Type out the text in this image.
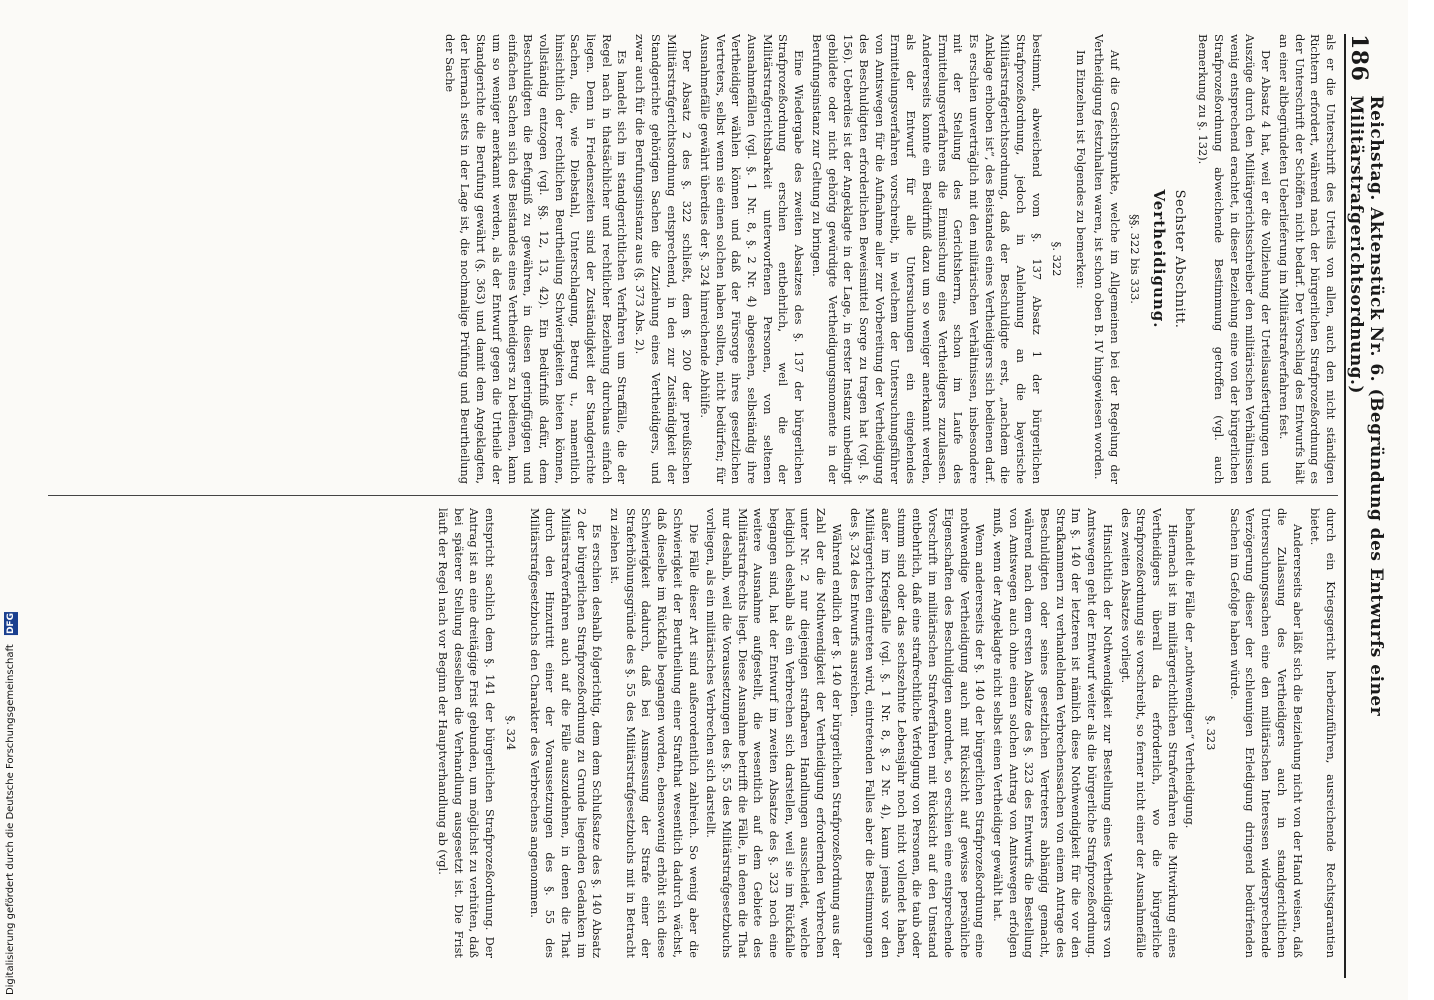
186
Reichstag. Aktenstück Nr. 6. (Begründung des Entwurfs einer Militärstrafgerichtsordnung.)

als er die Unterschrift des Urteils von allen, auch den nicht ständigen Richtern erfordert, während nach der bürgerlichen Strafprozeßordnung es der Unterschrift der Schöffen nicht bedarf. Der Vorschlag des Entwurfs hält an einer altbegründeten Ueberlieferung im Militärstrafverfahren fest.

Der Absatz 4 hat, weil er die Vollziehung der Urteilsausfertigungen und Auszüge durch den Militärgerichtsschreiber den militärischen Verhältnissen wenig entsprechend erachtet, in dieser Beziehung eine von der bürgerlichen Strafprozeßordnung abweichende Bestimmung getroffen (vgl. auch Bemerkung zu §. 132).

Sechster Abschnitt.
Vertheidigung.
§§. 322 bis 333.

Auf die Gesichtspunkte, welche im Allgemeinen bei der Regelung der Vertheidigung festzuhalten waren, ist schon oben B. IV hingewiesen worden.

Im Einzelnen ist Folgendes zu bemerken:

§. 322

bestimmt, abweichend vom §. 137 Absatz 1 der bürgerlichen Strafprozeßordnung, jedoch in Anlehnung an die bayerische Militärstrafgerichtsordnung, daß der Beschuldigte erst, „nachdem die Anklage erhoben ist“, des Beistandes eines Vertheidigers sich bedienen darf. Es erschien unverträglich mit den militärischen Verhältnissen, insbesondere mit der Stellung des Gerichtsherrn, schon im Laufe des Ermittelungsverfahrens die Einmischung eines Vertheidigers zuzulassen. Andererseits konnte ein Bedürfniß dazu um so weniger anerkannt werden, als der Entwurf für alle Untersuchungen ein eingehendes Ermittelungsverfahren vorschreibt, in welchem der Untersuchungsführer von Amtswegen für die Aufnahme aller zur Vorbereitung der Vertheidigung des Beschuldigten erforderlichen Beweismittel Sorge zu tragen hat (vgl. §. 156). Ueberdies ist der Angeklagte in der Lage, in erster Instanz unbedingt gebildete oder nicht gehörig gewürdigte Vertheidigungsmomente in der Berufungsinstanz zur Geltung zu bringen.

Eine Wiedergabe des zweiten Absatzes des §. 137 der bürgerlichen Strafprozeßordnung erschien entbehrlich, weil die der Militärstrafgerichtsbarkeit unterworfenen Personen, von seltenen Ausnahmefällen (vgl. §. 1 Nr. 8, §. 2 Nr. 4) abgesehen, selbständig ihre Vertheidiger wählen können und daß der Fürsorge ihres gesetzlichen Vertreters, selbst wenn sie einen solchen haben sollten, nicht bedürfen; für Ausnahmefälle gewährt überdies der §. 324 hinreichende Abhülfe.

Der Absatz 2 des §. 322 schließt, dem §. 200 der preußischen Militärstrafgerichtsordnung entsprechend, in den zur Zuständigkeit der Standgerichte gehörigen Sachen die Zuziehung eines Vertheidigers, und zwar auch für die Berufungsinstanz aus (§. 373 Abs. 2).

Es handelt sich im standgerichtlichen Verfahren um Straffälle, die der Regel nach in thatsächlicher und rechtlicher Beziehung durchaus einfach liegen. Denn in Friedenszeiten sind der Zuständigkeit der Standgerichte Sachen, die, wie Diebstahl, Unterschlagung, Betrug u., namentlich hinsichtlich der rechtlichen Beurtheilung Schwierigkeiten bieten können, vollständig entzogen (vgl. §§. 12, 13, 42). Ein Bedürfniß dafür, dem Beschuldigten die Befugniß zu gewähren, in diesen geringfügigen und einfachen Sachen sich des Beistandes eines Vertheidigers zu bedienen, kann um so weniger anerkannt werden, als der Entwurf gegen die Urtheile der Standgerichte die Berufung gewährt (§. 363) und damit dem Angeklagten, der hiernach stets in der Lage ist, die nochmalige Prüfung und Beurtheilung der Sache

durch ein Kriegsgericht herbeizuführen, ausreichende Rechtsgarantien bietet.

Andererseits aber läßt sich die Beiziehung nicht von der Hand weisen, daß die Zulassung des Vertheidigers auch in standgerichtlichen Untersuchungssachen eine den militärischen Interessen widersprechende Verzögerung dieser der schleunigen Erledigung dringend bedürfenden Sachen im Gefolge haben würde.

§. 323

behandelt die Fälle der „nothwendigen“ Vertheidigung.

Hiernach ist im militärgerichtlichen Strafverfahren die Mitwirkung eines Vertheidigers überall da erforderlich, wo die bürgerliche Strafprozeßordnung sie vorschreibt, so ferner nicht einer der Ausnahmefälle des zweiten Absatzes vorliegt.

Hinsichtlich der Nothwendigkeit zur Bestellung eines Vertheidigers von Amtswegen geht der Entwurf weiter als die bürgerliche Strafprozeßordnung. Im §. 140 der letzteren ist nämlich diese Nothwendigkeit für die vor den Strafkammern zu verhandelnden Verbrechenssachen von einem Antrage des Beschuldigten oder seines gesetzlichen Vertreters abhängig gemacht, während nach dem ersten Absatze des §. 323 des Entwurfs die Bestellung von Amtswegen auch ohne einen solchen Antrag von Amtswegen erfolgen muß, wenn der Angeklagte nicht selbst einen Vertheidiger gewählt hat.

Wenn andererseits der §. 140 der bürgerlichen Strafprozeßordnung eine nothwendige Vertheidigung auch mit Rücksicht auf gewisse persönliche Eigenschaften des Beschuldigten anordnet, so erschien eine entsprechende Vorschrift im militärischen Strafverfahren mit Rücksicht auf den Umstand entbehrlich, daß eine strafrechtliche Verfolgung von Personen, die taub oder stumm sind oder das sechszehnte Lebensjahr noch nicht vollendet haben, außer im Kriegsfalle (vgl. §. 1 Nr. 8, §. 2 Nr. 4), kaum jemals vor den Militärgerichten eintreten wird, eintretenden Falles aber die Bestimmungen des §. 324 des Entwurfs ausreichen.

Während endlich der §. 140 der bürgerlichen Strafprozeßordnung aus der Zahl der die Nothwendigkeit der Vertheidigung erfordernden Verbrechen unter Nr. 2 nur diejenigen strafbaren Handlungen ausscheidet, welche lediglich deshalb als ein Verbrechen sich darstellen, weil sie im Rückfalle begangen sind, hat der Entwurf im zweiten Absatze des §. 323 noch eine weitere Ausnahme aufgestellt, die wesentlich auf dem Gebiete des Militärstrafrechts liegt. Diese Ausnahme betrifft die Fälle, in denen die That nur deshalb, weil die Voraussetzungen des §. 55 des Militärstrafgesetzbuchs vorliegen, als ein militärisches Verbrechen sich darstellt.

Die Fälle dieser Art sind außerordentlich zahlreich. So wenig aber die Schwierigkeit der Beurtheilung einer Strafthat wesentlich dadurch wächst, daß dieselbe im Rückfalle begangen worden, ebensowenig erhöht sich diese Schwierigkeit dadurch, daß bei Ausmessung der Strafe einer der Straferhöhungsgründe des §. 55 des Militärstrafgesetzbuchs mit in Betracht zu ziehen ist.

Es erschien deshalb folgerichtig, dem dem Schlußsatze des §. 140 Absatz 2 der bürgerlichen Strafprozeßordnung zu Grunde liegenden Gedanken im Militärstrafverfahren auch auf die Fälle auszudehnen, in denen die That durch den Hinzutritt einer der Voraussetzungen des §. 55 des Militärstrafgesetzbuchs den Charakter des Verbrechens angenommen.

§. 324

entspricht sachlich dem §. 141 der bürgerlichen Strafprozeßordnung. Der Antrag ist an eine dreitägige Frist gebunden, um möglichst zu verhüten, daß bei späterer Stellung desselben die Verhandlung ausgesetzt ist. Die Frist läuft der Regel nach vor Beginn der Hauptverhandlung ab (vgl.

Digitalisierung gefördert durch die Deutsche Forschungsgemeinschaft DFG
